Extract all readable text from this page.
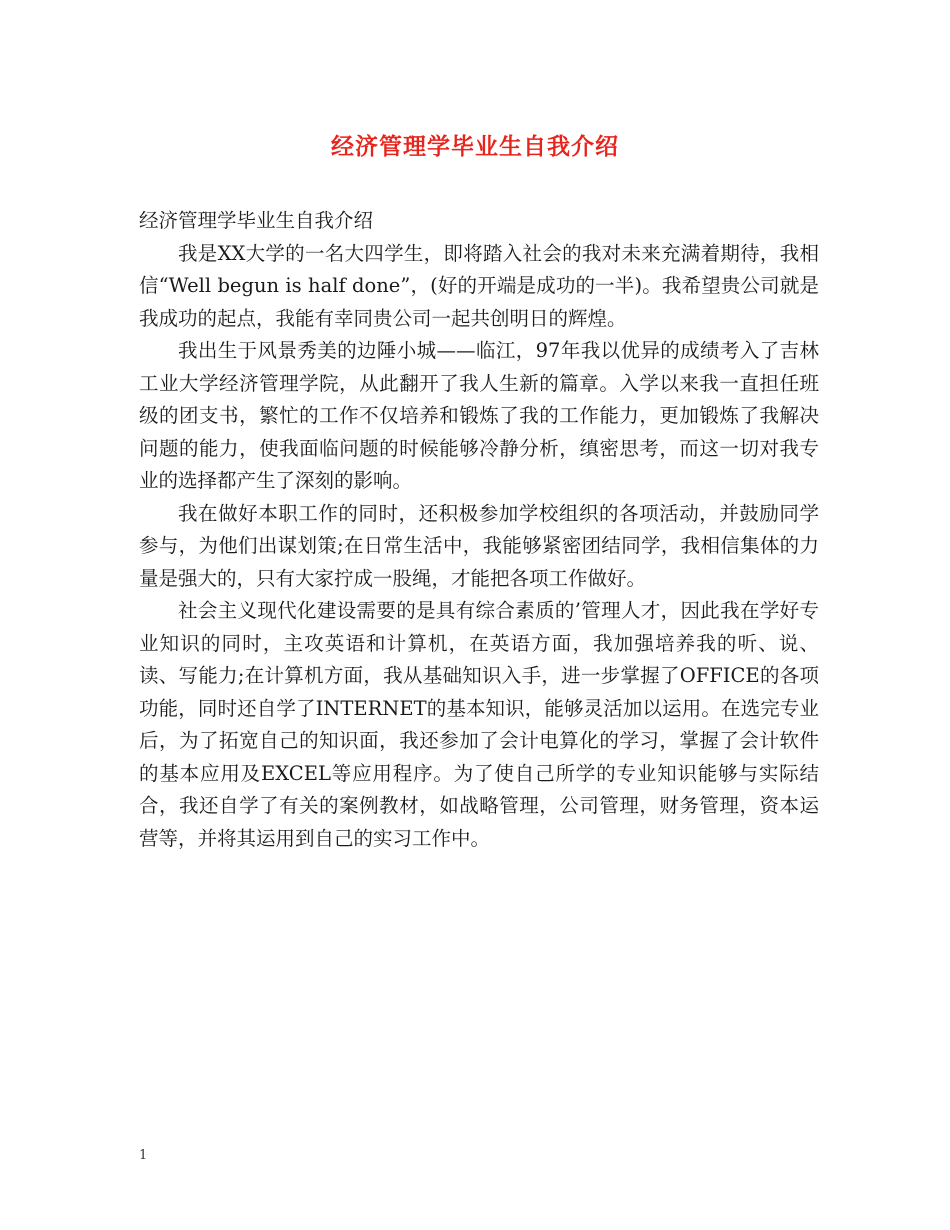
经济管理学毕业生自我介绍

经济管理学毕业生自我介绍

我是XX大学的一名大四学生，即将踏入社会的我对未来充满着期待，我相信“Well begun is half done”，(好的开端是成功的一半)。我希望贵公司就是我成功的起点，我能有幸同贵公司一起共创明日的辉煌。

我出生于风景秀美的边陲小城——临江，97年我以优异的成绩考入了吉林工业大学经济管理学院，从此翻开了我人生新的篇章。入学以来我一直担任班级的团支书，繁忙的工作不仅培养和锻炼了我的工作能力，更加锻炼了我解决问题的能力，使我面临问题的时候能够冷静分析，缜密思考，而这一切对我专业的选择都产生了深刻的影响。

我在做好本职工作的同时，还积极参加学校组织的各项活动，并鼓励同学参与，为他们出谋划策;在日常生活中，我能够紧密团结同学，我相信集体的力量是强大的，只有大家拧成一股绳，才能把各项工作做好。

社会主义现代化建设需要的是具有综合素质的’管理人才，因此我在学好专业知识的同时，主攻英语和计算机，在英语方面，我加强培养我的听、说、读、写能力;在计算机方面，我从基础知识入手，进一步掌握了OFFICE的各项功能，同时还自学了INTERNET的基本知识，能够灵活加以运用。在选完专业后，为了拓宽自己的知识面，我还参加了会计电算化的学习，掌握了会计软件的基本应用及EXCEL等应用程序。为了使自己所学的专业知识能够与实际结合，我还自学了有关的案例教材，如战略管理，公司管理，财务管理，资本运营等，并将其运用到自己的实习工作中。

1
